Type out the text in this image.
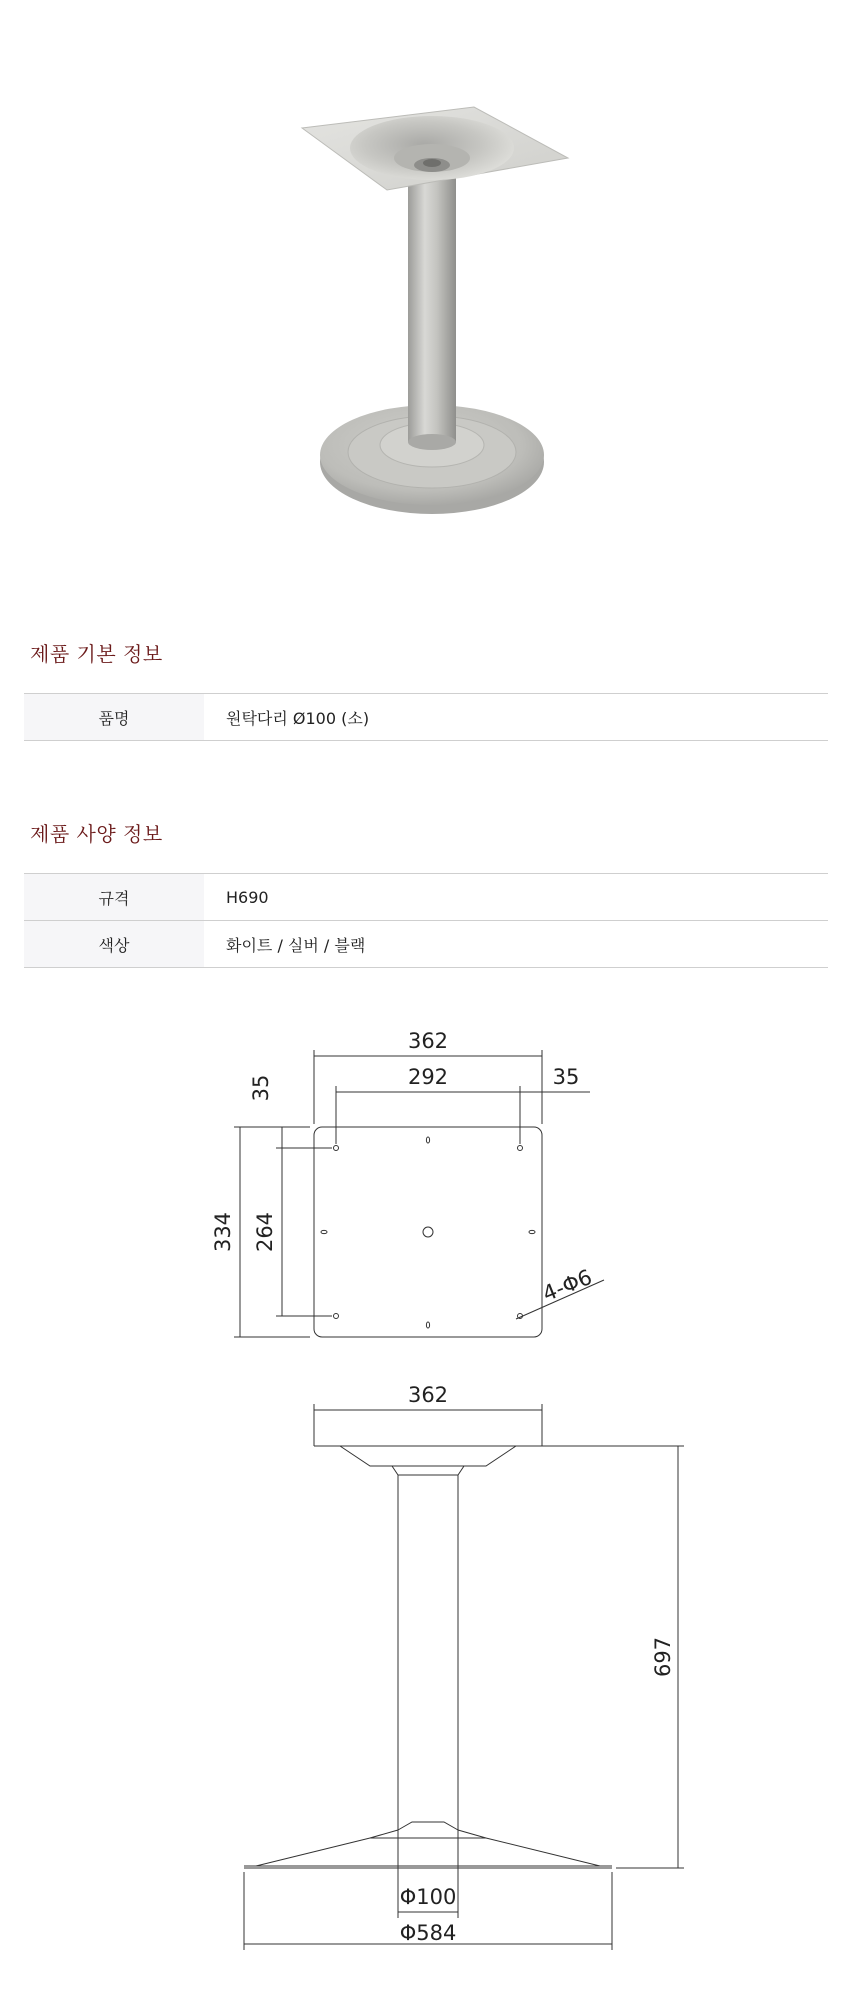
제품 기본 정보
품명	원탁다리 Ø100 (소)
제품 사양 정보
규격	H690
색상	화이트 / 실버 / 블랙
362
292	35
35
334 264
4-Φ6
362
697
Φ100
Φ584
